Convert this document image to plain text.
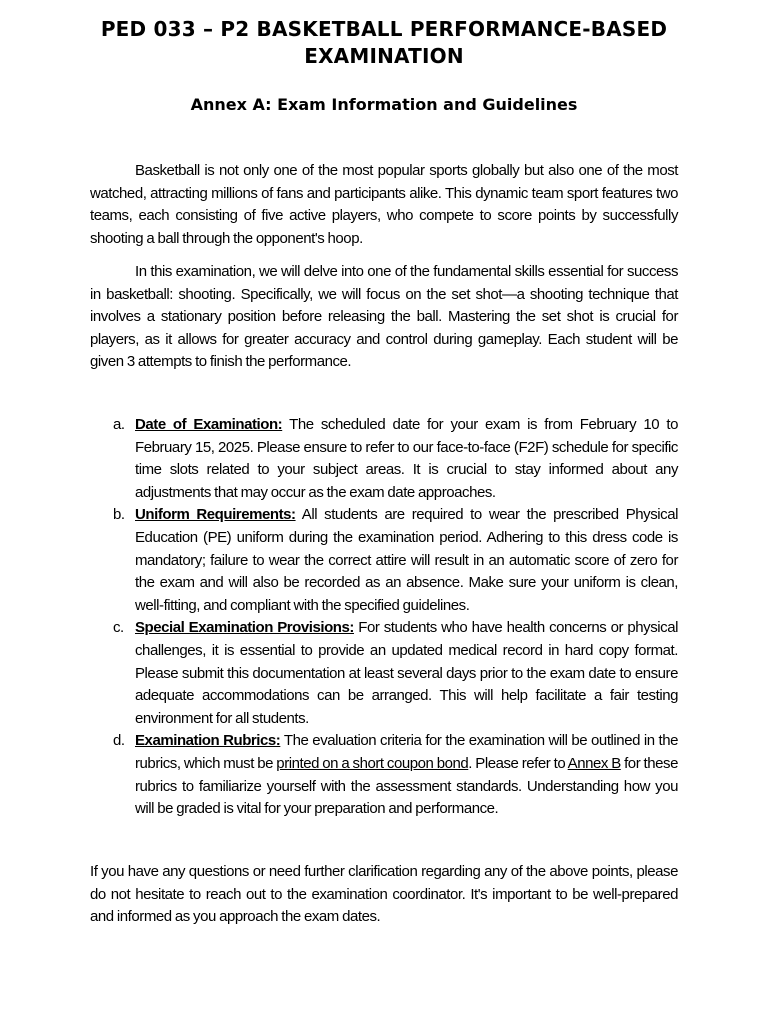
PED 033 – P2 BASKETBALL PERFORMANCE-BASED EXAMINATION
Annex A: Exam Information and Guidelines

Basketball is not only one of the most popular sports globally but also one of the most watched, attracting millions of fans and participants alike. This dynamic team sport features two teams, each consisting of five active players, who compete to score points by successfully shooting a ball through the opponent's hoop.

In this examination, we will delve into one of the fundamental skills essential for success in basketball: shooting. Specifically, we will focus on the set shot—a shooting technique that involves a stationary position before releasing the ball. Mastering the set shot is crucial for players, as it allows for greater accuracy and control during gameplay. Each student will be given 3 attempts to finish the performance.

a. Date of Examination: The scheduled date for your exam is from February 10 to February 15, 2025. Please ensure to refer to our face-to-face (F2F) schedule for specific time slots related to your subject areas. It is crucial to stay informed about any adjustments that may occur as the exam date approaches.
b. Uniform Requirements: All students are required to wear the prescribed Physical Education (PE) uniform during the examination period. Adhering to this dress code is mandatory; failure to wear the correct attire will result in an automatic score of zero for the exam and will also be recorded as an absence. Make sure your uniform is clean, well-fitting, and compliant with the specified guidelines.
c. Special Examination Provisions: For students who have health concerns or physical challenges, it is essential to provide an updated medical record in hard copy format. Please submit this documentation at least several days prior to the exam date to ensure adequate accommodations can be arranged. This will help facilitate a fair testing environment for all students.
d. Examination Rubrics: The evaluation criteria for the examination will be outlined in the rubrics, which must be printed on a short coupon bond. Please refer to Annex B for these rubrics to familiarize yourself with the assessment standards. Understanding how you will be graded is vital for your preparation and performance.

If you have any questions or need further clarification regarding any of the above points, please do not hesitate to reach out to the examination coordinator. It's important to be well-prepared and informed as you approach the exam dates.
